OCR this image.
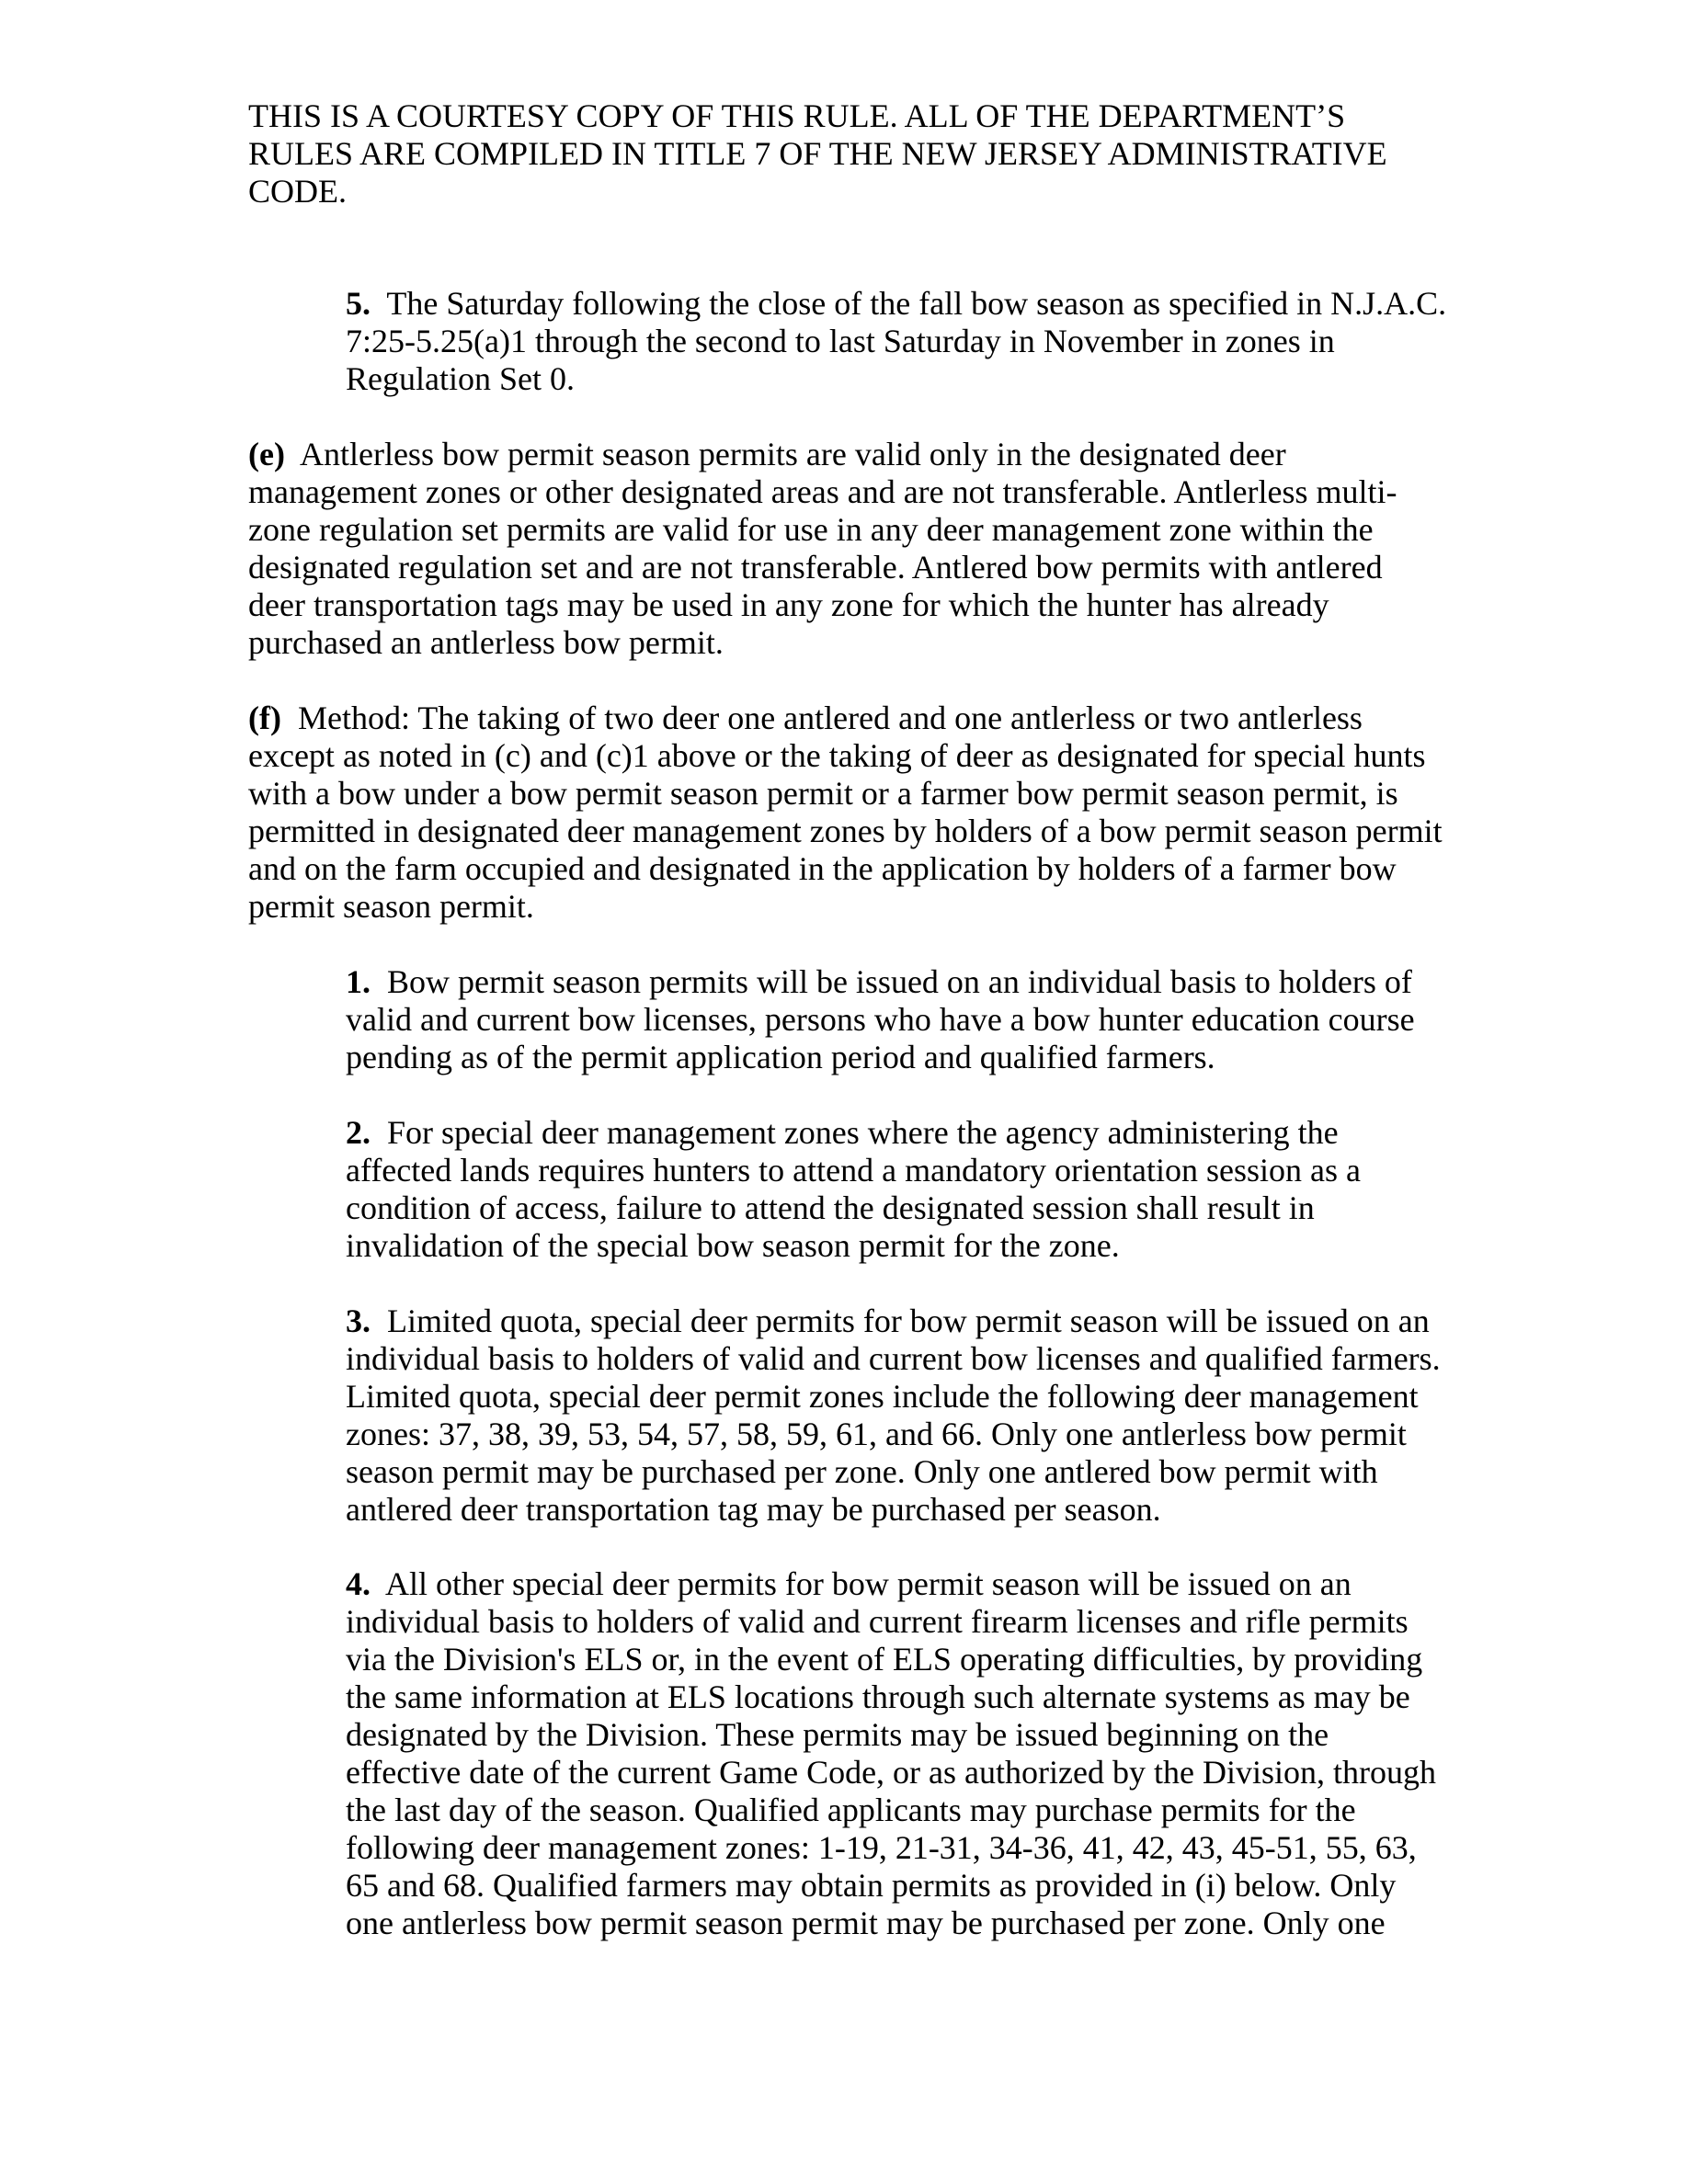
THIS IS A COURTESY COPY OF THIS RULE. ALL OF THE DEPARTMENT’S RULES ARE COMPILED IN TITLE 7 OF THE NEW JERSEY ADMINISTRATIVE CODE.

5. The Saturday following the close of the fall bow season as specified in N.J.A.C. 7:25-5.25(a)1 through the second to last Saturday in November in zones in Regulation Set 0.

(e) Antlerless bow permit season permits are valid only in the designated deer management zones or other designated areas and are not transferable. Antlerless multi-zone regulation set permits are valid for use in any deer management zone within the designated regulation set and are not transferable. Antlered bow permits with antlered deer transportation tags may be used in any zone for which the hunter has already purchased an antlerless bow permit.

(f) Method: The taking of two deer one antlered and one antlerless or two antlerless except as noted in (c) and (c)1 above or the taking of deer as designated for special hunts with a bow under a bow permit season permit or a farmer bow permit season permit, is permitted in designated deer management zones by holders of a bow permit season permit and on the farm occupied and designated in the application by holders of a farmer bow permit season permit.

1. Bow permit season permits will be issued on an individual basis to holders of valid and current bow licenses, persons who have a bow hunter education course pending as of the permit application period and qualified farmers.

2. For special deer management zones where the agency administering the affected lands requires hunters to attend a mandatory orientation session as a condition of access, failure to attend the designated session shall result in invalidation of the special bow season permit for the zone.

3. Limited quota, special deer permits for bow permit season will be issued on an individual basis to holders of valid and current bow licenses and qualified farmers. Limited quota, special deer permit zones include the following deer management zones: 37, 38, 39, 53, 54, 57, 58, 59, 61, and 66. Only one antlerless bow permit season permit may be purchased per zone. Only one antlered bow permit with antlered deer transportation tag may be purchased per season.

4. All other special deer permits for bow permit season will be issued on an individual basis to holders of valid and current firearm licenses and rifle permits via the Division's ELS or, in the event of ELS operating difficulties, by providing the same information at ELS locations through such alternate systems as may be designated by the Division. These permits may be issued beginning on the effective date of the current Game Code, or as authorized by the Division, through the last day of the season. Qualified applicants may purchase permits for the following deer management zones: 1-19, 21-31, 34-36, 41, 42, 43, 45-51, 55, 63, 65 and 68. Qualified farmers may obtain permits as provided in (i) below. Only one antlerless bow permit season permit may be purchased per zone. Only one
